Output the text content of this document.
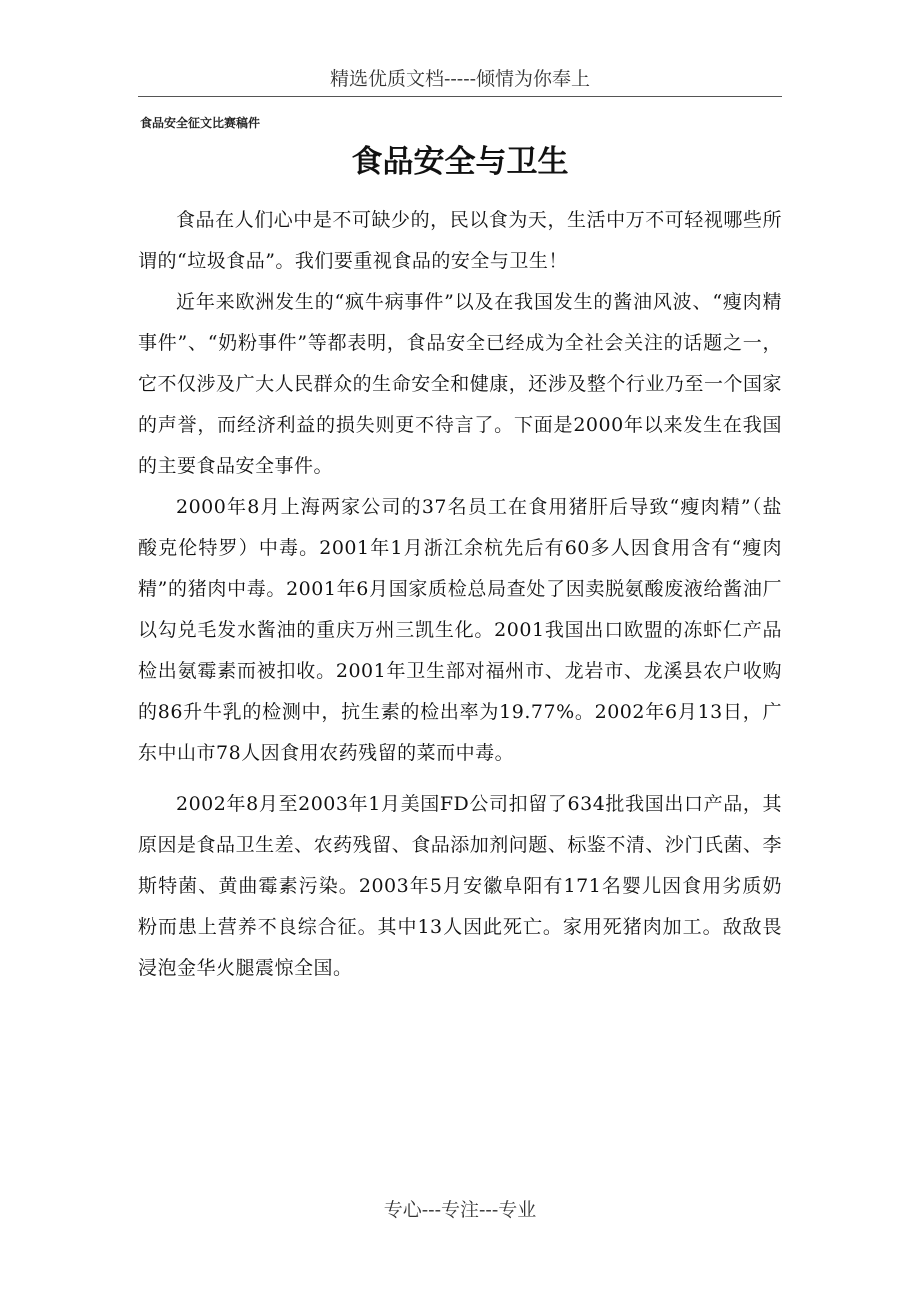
精选优质文档-----倾情为你奉上
食品安全征文比赛稿件
食品安全与卫生

食品在人们心中是不可缺少的，民以食为天，生活中万不可轻视哪些所谓的“垃圾食品”。我们要重视食品的安全与卫生！

近年来欧洲发生的“疯牛病事件”以及在我国发生的酱油风波、“瘦肉精事件”、“奶粉事件”等都表明，食品安全已经成为全社会关注的话题之一，它不仅涉及广大人民群众的生命安全和健康，还涉及整个行业乃至一个国家的声誉，而经济利益的损失则更不待言了。下面是2000年以来发生在我国的主要食品安全事件。

2000年8月上海两家公司的37名员工在食用猪肝后导致“瘦肉精”（盐酸克伦特罗）中毒。2001年1月浙江余杭先后有60多人因食用含有“瘦肉精”的猪肉中毒。2001年6月国家质检总局查处了因卖脱氨酸废液给酱油厂以勾兑毛发水酱油的重庆万州三凯生化。2001我国出口欧盟的冻虾仁产品检出氨霉素而被扣收。2001年卫生部对福州市、龙岩市、龙溪县农户收购的86升牛乳的检测中，抗生素的检出率为19.77%。2002年6月13日，广东中山市78人因食用农药残留的菜而中毒。

2002年8月至2003年1月美国FD公司扣留了634批我国出口产品，其原因是食品卫生差、农药残留、食品添加剂问题、标鉴不清、沙门氏菌、李斯特菌、黄曲霉素污染。2003年5月安徽阜阳有171名婴儿因食用劣质奶粉而患上营养不良综合征。其中13人因此死亡。家用死猪肉加工。敌敌畏浸泡金华火腿震惊全国。

专心---专注---专业
